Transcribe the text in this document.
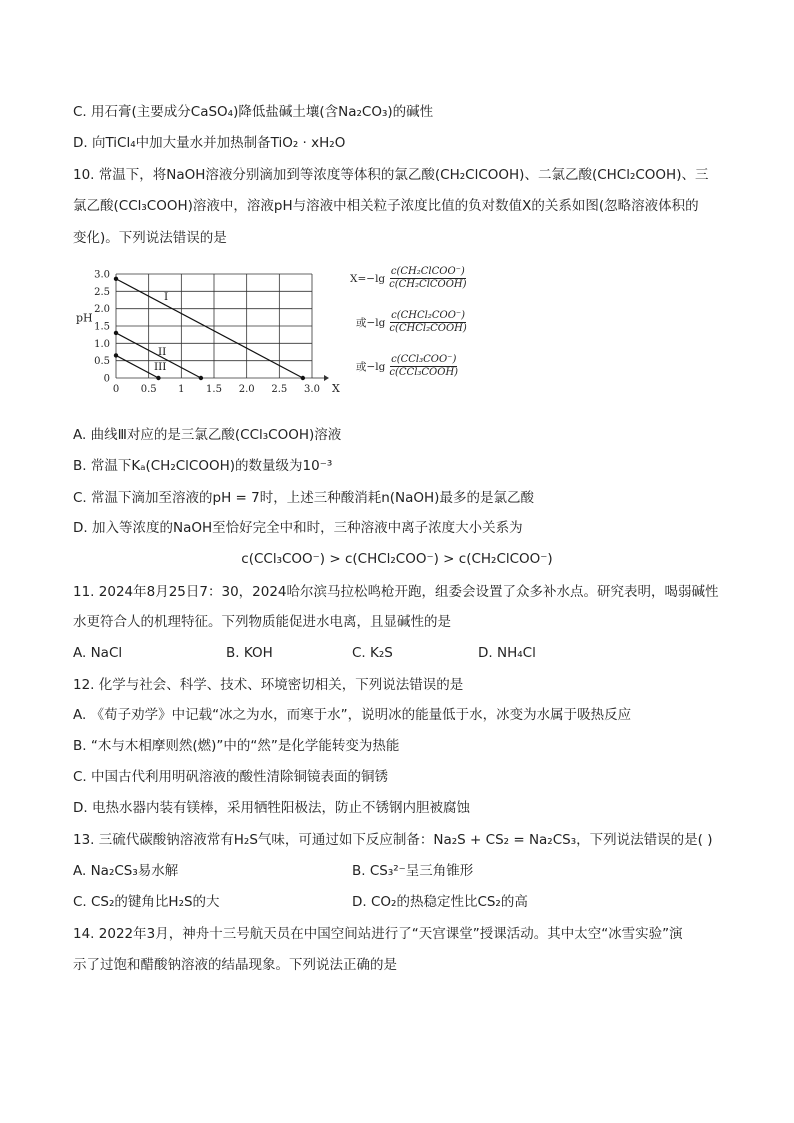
C. 用石膏(主要成分CaSO₄)降低盐碱土壤(含Na₂CO₃)的碱性
D. 向TiCl₄中加大量水并加热制备TiO₂ · xH₂O
10. 常温下，将NaOH溶液分别滴加到等浓度等体积的氯乙酸(CH₂ClCOOH)、二氯乙酸(CHCl₂COOH)、三
氯乙酸(CCl₃COOH)溶液中，溶液pH与溶液中相关粒子浓度比值的负对数值X的关系如图(忽略溶液体积的
变化)。下列说法错误的是
0 0.5 1 1.5 2.0 2.5 3.0
0
0.5
1.0
1.5
2.0
2.5
3.0
X
pH
I
II
III
X=−lg
c(CH₂ClCOO⁻)
c(CH₂ClCOOH)
或−lg
c(CHCl₂COO⁻)
c(CHCl₂COOH)
或−lg
c(CCl₃COO⁻)
c(CCl₃COOH)
A. 曲线Ⅲ对应的是三氯乙酸(CCl₃COOH)溶液
B. 常温下Kₐ(CH₂ClCOOH)的数量级为10⁻³
C. 常温下滴加至溶液的pH = 7时，上述三种酸消耗n(NaOH)最多的是氯乙酸
D. 加入等浓度的NaOH至恰好完全中和时，三种溶液中离子浓度大小关系为
c(CCl₃COO⁻) > c(CHCl₂COO⁻) > c(CH₂ClCOO⁻)
11. 2024年8月25日7：30，2024哈尔滨马拉松鸣枪开跑，组委会设置了众多补水点。研究表明，喝弱碱性
水更符合人的机理特征。下列物质能促进水电离，且显碱性的是
A. NaCl	B. KOH	C. K₂S	D. NH₄Cl
12. 化学与社会、科学、技术、环境密切相关，下列说法错误的是
A. 《荀子劝学》中记载“冰之为水，而寒于水”，说明冰的能量低于水，冰变为水属于吸热反应
B. “木与木相摩则然(燃)”中的“然”是化学能转变为热能
C. 中国古代利用明矾溶液的酸性清除铜镜表面的铜锈
D. 电热水器内装有镁棒，采用牺牲阳极法，防止不锈钢内胆被腐蚀
13. 三硫代碳酸钠溶液常有H₂S气味，可通过如下反应制备：Na₂S + CS₂ = Na₂CS₃，下列说法错误的是( )
A. Na₂CS₃易水解	B. CS₃²⁻呈三角锥形
C. CS₂的键角比H₂S的大	D. CO₂的热稳定性比CS₂的高
14. 2022年3月，神舟十三号航天员在中国空间站进行了“天宫课堂”授课活动。其中太空“冰雪实验”演
示了过饱和醋酸钠溶液的结晶现象。下列说法正确的是
